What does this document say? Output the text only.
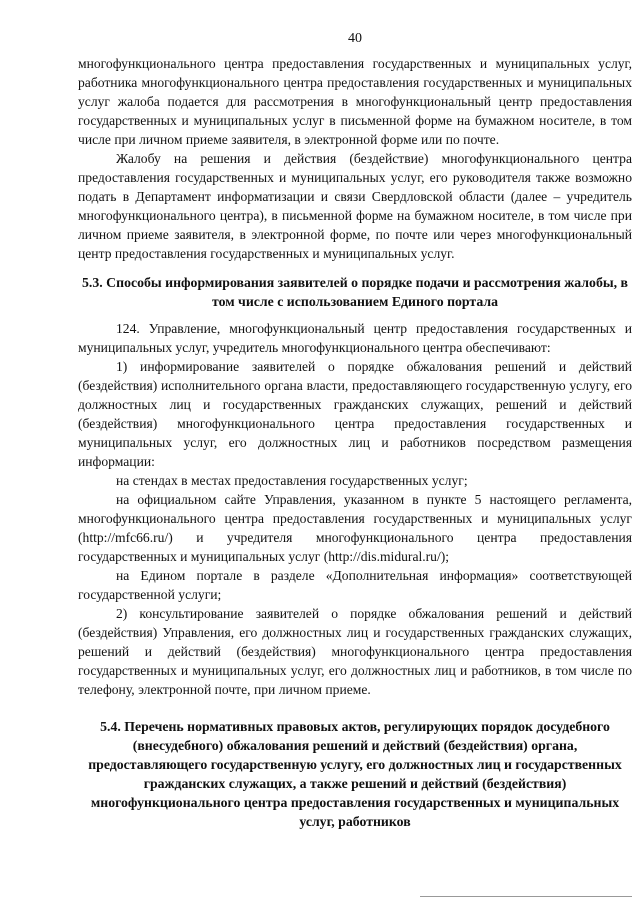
40

многофункционального центра предоставления государственных и муниципальных услуг, работника многофункционального центра предоставления государственных и муниципальных услуг жалоба подается для рассмотрения в многофункциональный центр предоставления государственных и муниципальных услуг в письменной форме на бумажном носителе, в том числе при личном приеме заявителя, в электронной форме или по почте.

Жалобу на решения и действия (бездействие) многофункционального центра предоставления государственных и муниципальных услуг, его руководителя также возможно подать в Департамент информатизации и связи Свердловской области (далее – учредитель многофункционального центра), в письменной форме на бумажном носителе, в том числе при личном приеме заявителя, в электронной форме, по почте или через многофункциональный центр предоставления государственных и муниципальных услуг.

5.3. Способы информирования заявителей о порядке подачи и рассмотрения жалобы, в том числе с использованием Единого портала

124. Управление, многофункциональный центр предоставления государственных и муниципальных услуг, учредитель многофункционального центра обеспечивают:

1) информирование заявителей о порядке обжалования решений и действий (бездействия) исполнительного органа власти, предоставляющего государственную услугу, его должностных лиц и государственных гражданских служащих, решений и действий (бездействия) многофункционального центра предоставления государственных и муниципальных услуг, его должностных лиц и работников посредством размещения информации:

на стендах в местах предоставления государственных услуг;

на официальном сайте Управления, указанном в пункте 5 настоящего регламента, многофункционального центра предоставления государственных и муниципальных услуг (http://mfc66.ru/) и учредителя многофункционального центра предоставления государственных и муниципальных услуг (http://dis.midural.ru/);

на Едином портале в разделе «Дополнительная информация» соответствующей государственной услуги;

2) консультирование заявителей о порядке обжалования решений и действий (бездействия) Управления, его должностных лиц и государственных гражданских служащих, решений и действий (бездействия) многофункционального центра предоставления государственных и муниципальных услуг, его должностных лиц и работников, в том числе по телефону, электронной почте, при личном приеме.

5.4. Перечень нормативных правовых актов, регулирующих порядок досудебного (внесудебного) обжалования решений и действий (бездействия) органа, предоставляющего государственную услугу, его должностных лиц и государственных гражданских служащих, а также решений и действий (бездействия) многофункционального центра предоставления государственных и муниципальных услуг, работников
